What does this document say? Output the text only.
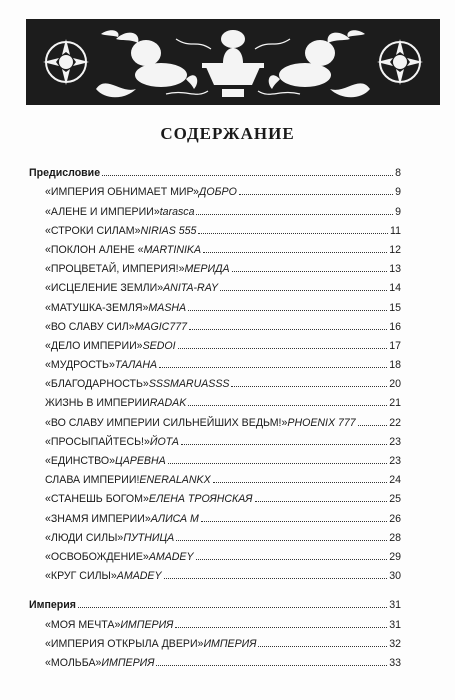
СОДЕРЖАНИЕ
Предисловие	8
«ИМПЕРИЯ ОБНИМАЕТ МИР» ДОБРО	9
«АЛЕНЕ И ИМПЕРИИ» tarasca	9
«СТРОКИ СИЛАМ» NIRIAS 555	11
«ПОКЛОН АЛЕНЕ « MARTINIKA	12
«ПРОЦВЕТАЙ, ИМПЕРИЯ!» МЕРИДА	13
«ИСЦЕЛЕНИЕ ЗЕМЛИ» ANITA-RAY	14
«МАТУШКА-ЗЕМЛЯ» MASHA	15
«ВО СЛАВУ СИЛ» MAGIC777	16
«ДЕЛО ИМПЕРИИ» SEDOI	17
«МУДРОСТЬ» ТАЛАНА	18
«БЛАГОДАРНОСТЬ» SSSMARUASSS	20
ЖИЗНЬ В ИМПЕРИИ RADAK	21
«ВО СЛАВУ ИМПЕРИИ СИЛЬНЕЙШИХ ВЕДЬМ!» PHOENIX 777	22
«ПРОСЫПАЙТЕСЬ!» ЙОТА	23
«ЕДИНСТВО» ЦАРЕВНА	23
СЛАВА ИМПЕРИИ! ENERALANKX	24
«СТАНЕШЬ БОГОМ» ЕЛЕНА ТРОЯНСКАЯ	25
«ЗНАМЯ ИМПЕРИИ» АЛИСА М	26
«ЛЮДИ СИЛЫ» ПУТНИЦА	28
«ОСВОБОЖДЕНИЕ» AMADEY	29
«КРУГ СИЛЫ» AMADEY	30
Империя	31
«МОЯ МЕЧТА» ИМПЕРИЯ	31
«ИМПЕРИЯ ОТКРЫЛА ДВЕРИ» ИМПЕРИЯ	32
«МОЛЬБА» ИМПЕРИЯ	33
